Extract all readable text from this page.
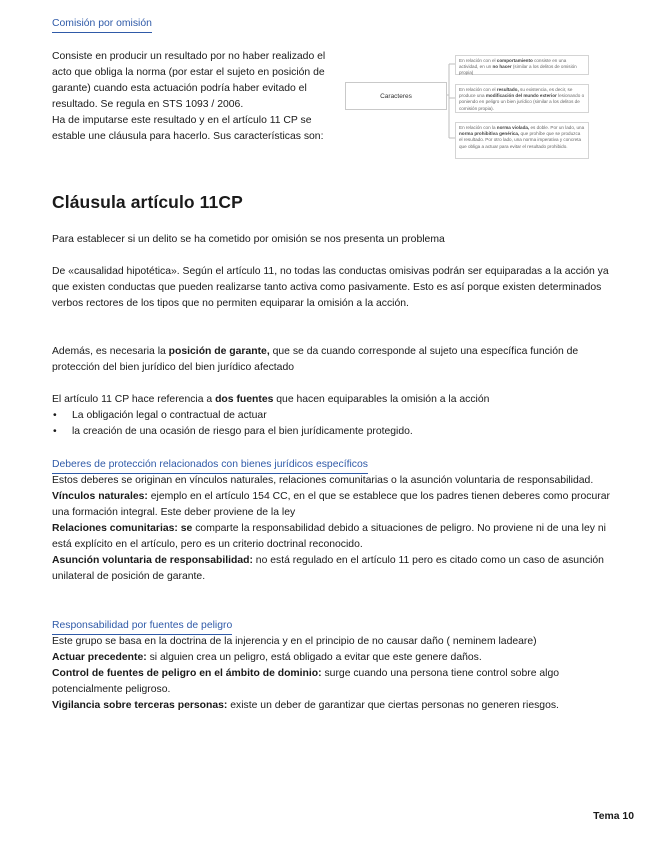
Comisión por omisión

Consiste en producir un resultado por no haber realizado el acto que obliga la norma (por estar el sujeto en posición de garante) cuando esta actuación podría haber evitado el resultado. Se regula en STS 1093 / 2006.
Ha de imputarse este resultado y en el artículo 11 CP se estable une cláusula para hacerlo. Sus características son:

Caracteres
En relación con el comportamiento consiste en una actividad, en un no hacer (similar a los delitos de omisión propia)
En relación con el resultado, su existencia, es decir, se produce una modificación del mundo exterior lesionando o poniendo en peligro un bien jurídico (similar a los delitos de comisión propia).
En relación con la norma violada, es doble. Por un lado, una norma prohibitiva genérica, que prohíbe que se produzca el resultado. Por otro lado, una norma imperativa y concreta que obliga a actuar para evitar el resultado prohibido.
Cláusula artículo 11CP

Para establecer si un delito se ha cometido por omisión se nos presenta un problema

De «causalidad hipotética». Según el artículo 11, no todas las conductas omisivas podrán ser equiparadas a la acción ya que existen conductas que pueden realizarse tanto activa como pasivamente. Esto es así porque existen determinados verbos rectores de los tipos que no permiten equiparar la omisión a la acción.

Además, es necesaria la posición de garante, que se da cuando corresponde al sujeto una específica función de protección del bien jurídico del bien jurídico afectado

El artículo 11 CP hace referencia a dos fuentes que hacen equiparables la omisión a la acción

• La obligación legal o contractual de actuar
• la creación de una ocasión de riesgo para el bien jurídicamente protegido.
Deberes de protección relacionados con bienes jurídicos específicos

Estos deberes se originan en vínculos naturales, relaciones comunitarias o la asunción voluntaria de responsabilidad.
Vínculos naturales: ejemplo en el artículo 154 CC, en el que se establece que los padres tienen deberes como procurar una formación integral. Este deber proviene de la ley
Relaciones comunitarias: se comparte la responsabilidad debido a situaciones de peligro. No proviene ni de una ley ni está explícito en el artículo, pero es un criterio doctrinal reconocido.
Asunción voluntaria de responsabilidad: no está regulado en el artículo 11 pero es citado como un caso de asunción unilateral de posición de garante.

Responsabilidad por fuentes de peligro

Este grupo se basa en la doctrina de la injerencia y en el principio de no causar daño ( neminem ladeare)
Actuar precedente: si alguien crea un peligro, está obligado a evitar que este genere daños.
Control de fuentes de peligro en el ámbito de dominio: surge cuando una persona tiene control sobre algo potencialmente peligroso.
Vigilancia sobre terceras personas: existe un deber de garantizar que ciertas personas no generen riesgos.

Tema 10
